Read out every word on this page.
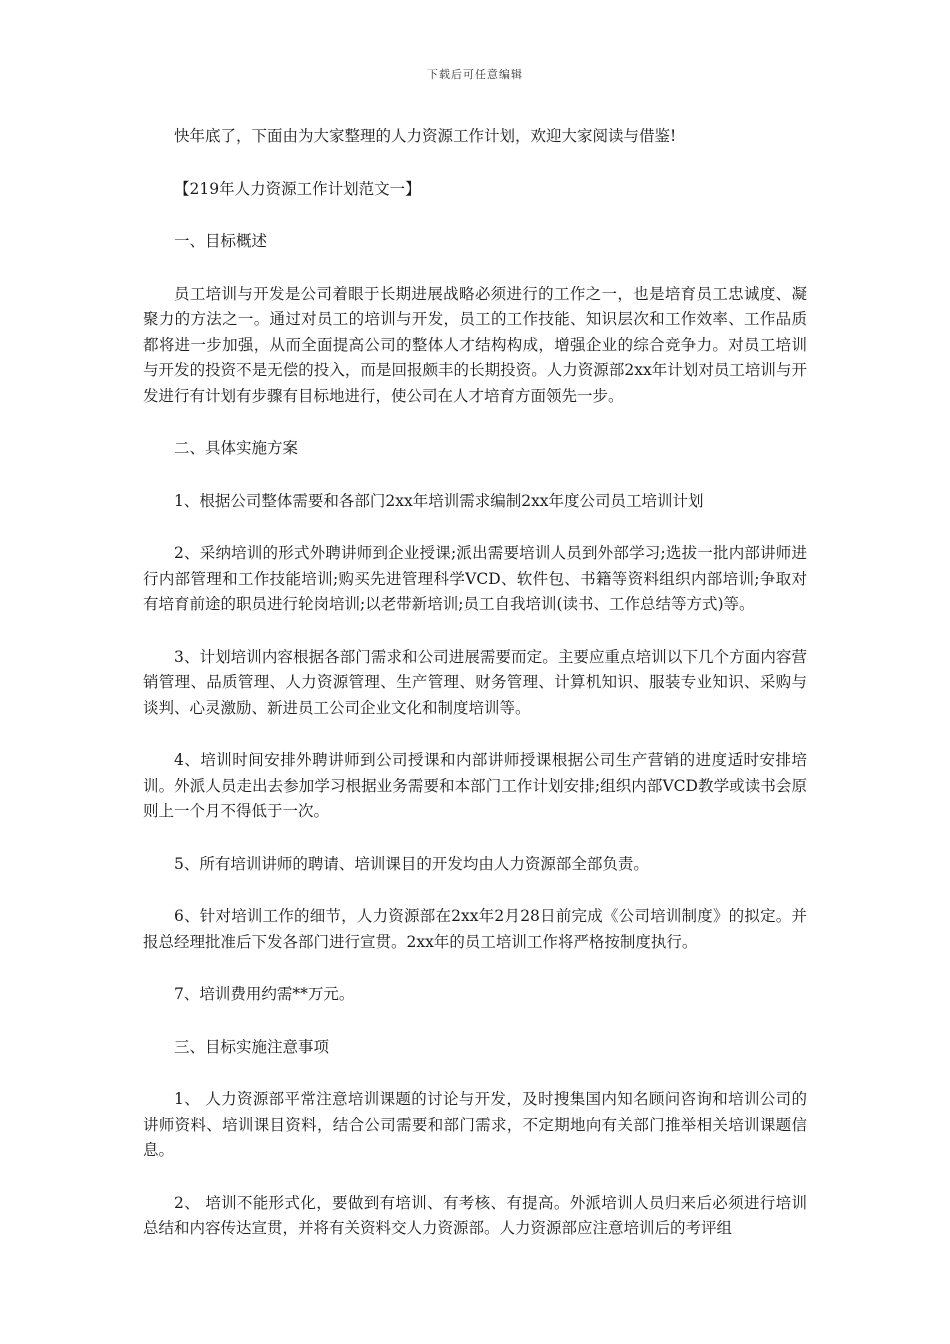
下载后可任意编辑

快年底了，下面由为大家整理的人力资源工作计划，欢迎大家阅读与借鉴!

【219年人力资源工作计划范文一】

一、目标概述

员工培训与开发是公司着眼于长期进展战略必须进行的工作之一，也是培育员工忠诚度、凝聚力的方法之一。通过对员工的培训与开发，员工的工作技能、知识层次和工作效率、工作品质都将进一步加强，从而全面提高公司的整体人才结构构成，增强企业的综合竞争力。对员工培训与开发的投资不是无偿的投入，而是回报颇丰的长期投资。人力资源部2xx年计划对员工培训与开发进行有计划有步骤有目标地进行，使公司在人才培育方面领先一步。

二、具体实施方案

1、根据公司整体需要和各部门2xx年培训需求编制2xx年度公司员工培训计划

2、采纳培训的形式外聘讲师到企业授课;派出需要培训人员到外部学习;选拔一批内部讲师进行内部管理和工作技能培训;购买先进管理科学VCD、软件包、书籍等资料组织内部培训;争取对有培育前途的职员进行轮岗培训;以老带新培训;员工自我培训(读书、工作总结等方式)等。

3、计划培训内容根据各部门需求和公司进展需要而定。主要应重点培训以下几个方面内容营销管理、品质管理、人力资源管理、生产管理、财务管理、计算机知识、服装专业知识、采购与谈判、心灵激励、新进员工公司企业文化和制度培训等。

4、培训时间安排外聘讲师到公司授课和内部讲师授课根据公司生产营销的进度适时安排培训。外派人员走出去参加学习根据业务需要和本部门工作计划安排;组织内部VCD教学或读书会原则上一个月不得低于一次。

5、所有培训讲师的聘请、培训课目的开发均由人力资源部全部负责。

6、针对培训工作的细节，人力资源部在2xx年2月28日前完成《公司培训制度》的拟定。并报总经理批准后下发各部门进行宣贯。2xx年的员工培训工作将严格按制度执行。

7、培训费用约需**万元。

三、目标实施注意事项

1、 人力资源部平常注意培训课题的讨论与开发，及时搜集国内知名顾问咨询和培训公司的讲师资料、培训课目资料，结合公司需要和部门需求，不定期地向有关部门推举相关培训课题信息。

2、 培训不能形式化，要做到有培训、有考核、有提高。外派培训人员归来后必须进行培训总结和内容传达宣贯，并将有关资料交人力资源部。人力资源部应注意培训后的考评组
